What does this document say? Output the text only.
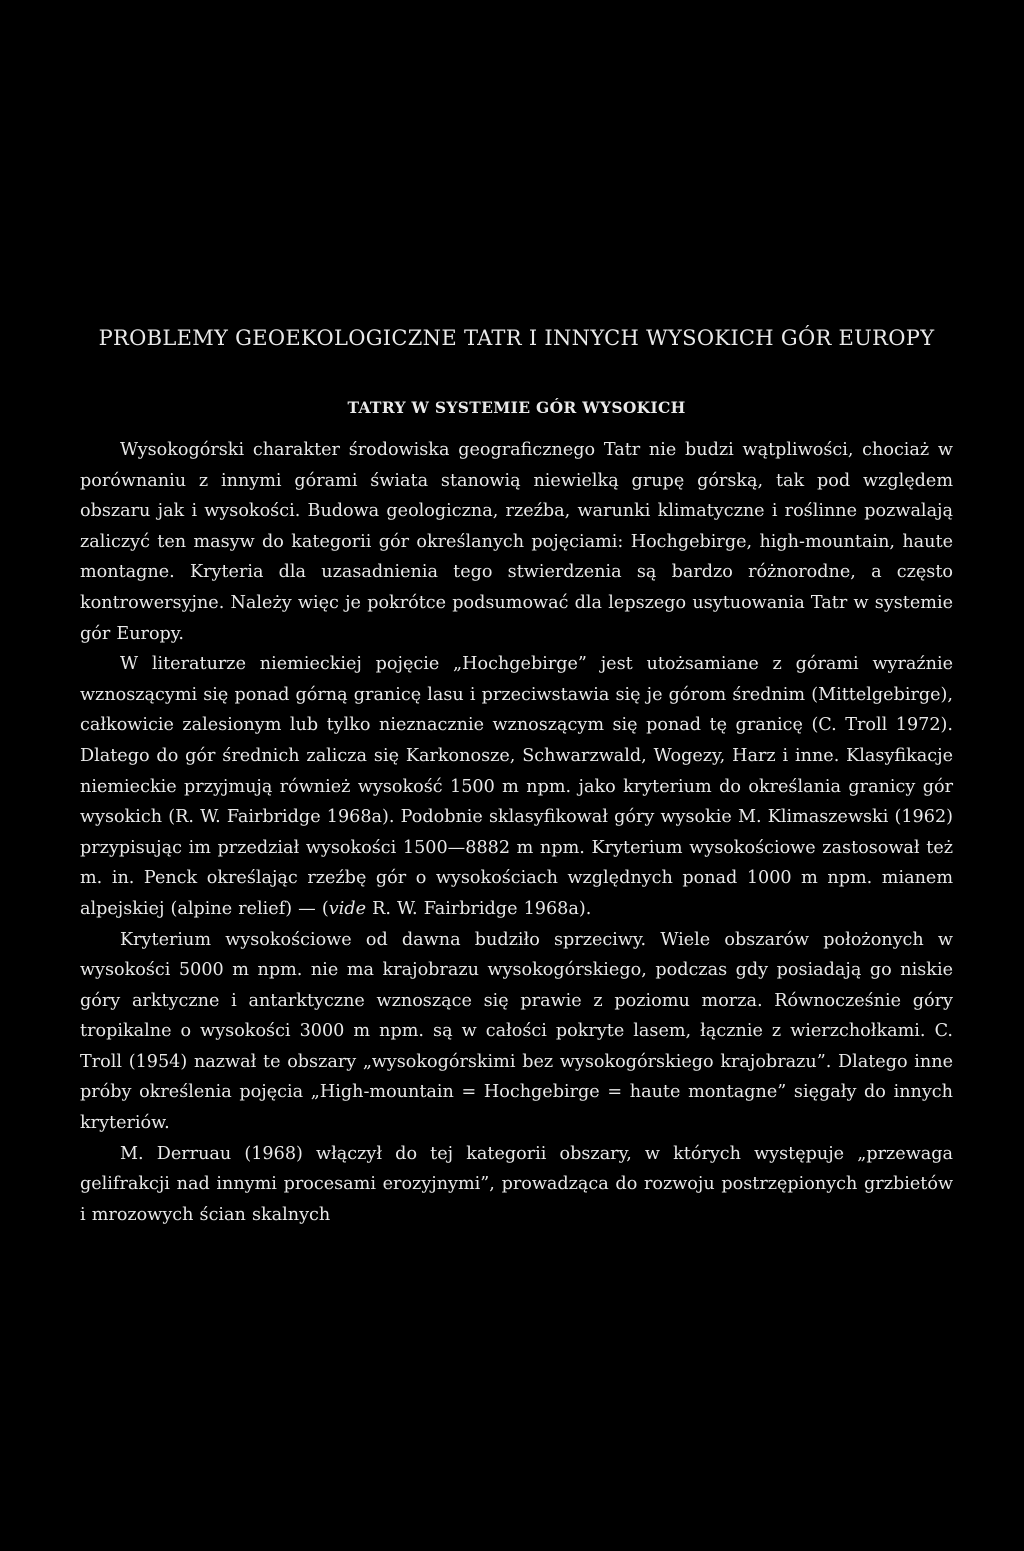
PROBLEMY GEOEKOLOGICZNE TATR I INNYCH WYSOKICH GÓR EUROPY
TATRY W SYSTEMIE GÓR WYSOKICH

Wysokogórski charakter środowiska geograficznego Tatr nie budzi wątpliwości, chociaż w porównaniu z innymi górami świata stanowią niewielką grupę górską, tak pod względem obszaru jak i wysokości. Budowa geologiczna, rzeźba, warunki klimatyczne i roślinne pozwalają zaliczyć ten masyw do kategorii gór określanych pojęciami: Hochgebirge, high-mountain, haute montagne. Kryteria dla uzasadnienia tego stwierdzenia są bardzo różnorodne, a często kontrowersyjne. Należy więc je pokrótce podsumować dla lepszego usytuowania Tatr w systemie gór Europy.

W literaturze niemieckiej pojęcie „Hochgebirge” jest utożsamiane z górami wyraźnie wznoszącymi się ponad górną granicę lasu i przeciwstawia się je górom średnim (Mittelgebirge), całkowicie zalesionym lub tylko nieznacznie wznoszącym się ponad tę granicę (C. Troll 1972). Dlatego do gór średnich zalicza się Karkonosze, Schwarzwald, Wogezy, Harz i inne. Klasyfikacje niemieckie przyjmują również wysokość 1500 m npm. jako kryterium do określania granicy gór wysokich (R. W. Fairbridge 1968a). Podobnie sklasyfikował góry wysokie M. Klimaszewski (1962) przypisując im przedział wysokości 1500—8882 m npm. Kryterium wysokościowe zastosował też m. in. Penck określając rzeźbę gór o wysokościach względnych ponad 1000 m npm. mianem alpejskiej (alpine relief) — (vide R. W. Fairbridge 1968a).

Kryterium wysokościowe od dawna budziło sprzeciwy. Wiele obszarów położonych w wysokości 5000 m npm. nie ma krajobrazu wysokogórskiego, podczas gdy posiadają go niskie góry arktyczne i antarktyczne wznoszące się prawie z poziomu morza. Równocześnie góry tropikalne o wysokości 3000 m npm. są w całości pokryte lasem, łącznie z wierzchołkami. C. Troll (1954) nazwał te obszary „wysokogórskimi bez wysokogórskiego krajobrazu”. Dlatego inne próby określenia pojęcia „High-mountain = Hochgebirge = haute montagne” sięgały do innych kryteriów.

M. Derruau (1968) włączył do tej kategorii obszary, w których występuje „przewaga gelifrakcji nad innymi procesami erozyjnymi”, prowadząca do rozwoju postrzępionych grzbietów i mrozowych ścian skalnych
